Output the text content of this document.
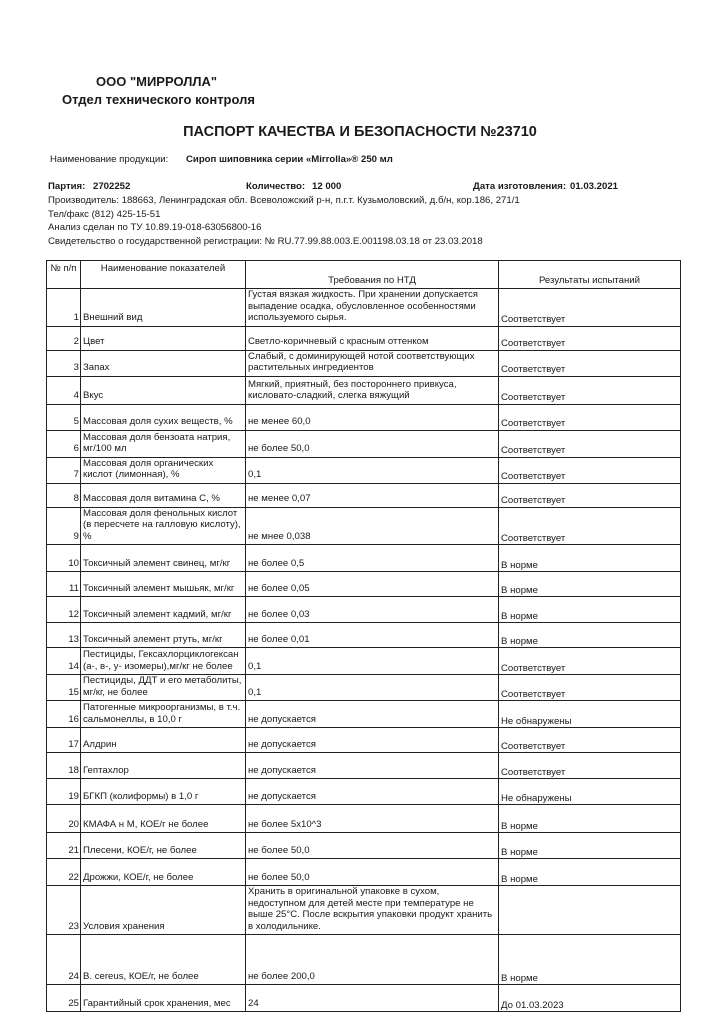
ООО "МИРРОЛЛА"
Отдел технического контроля
ПАСПОРТ КАЧЕСТВА И БЕЗОПАСНОСТИ №23710
Наименование продукции: Сироп шиповника серии «Mirrolla»® 250 мл
Партия: 2702252	Количество: 12 000	Дата изготовления: 01.03.2021
Производитель: 188663, Ленинградская обл. Всеволожский р-н, п.г.т. Кузьмоловский, д.б/н, кор.186, 271/1
Тел/факс (812) 425-15-51
Анализ сделан по ТУ 10.89.19-018-63056800-16
Свидетельство о государственной регистрации: № RU.77.99.88.003.Е.001198.03.18 от 23.03.2018
№ п/п	Наименование показателей	Требования по НТД	Результаты испытаний
1	Внешний вид	Густая вязкая жидкость. При хранении допускается выпадение осадка, обусловленное особенностями используемого сырья.	Соответствует
2	Цвет	Светло-коричневый с красным оттенком	Соответствует
3	Запах	Слабый, с доминирующей нотой соответствующих растительных ингредиентов	Соответствует
4	Вкус	Мягкий, приятный, без постороннего привкуса, кисловато-сладкий, слегка вяжущий	Соответствует
5	Массовая доля сухих веществ, %	не менее 60,0	Соответствует
6	Массовая доля бензоата натрия, мг/100 мл	не более 50,0	Соответствует
7	Массовая доля органических кислот (лимонная), %	0,1	Соответствует
8	Массовая доля витамина С, %	не менее 0,07	Соответствует
9	Массовая доля фенольных кислот (в пересчете на галловую кислоту), %	не мнее 0,038	Соответствует
10	Токсичный элемент свинец, мг/кг	не более 0,5	В норме
11	Токсичный элемент мышьяк, мг/кг	не более 0,05	В норме
12	Токсичный элемент кадмий, мг/кг	не более 0,03	В норме
13	Токсичный элемент ртуть, мг/кг	не более 0,01	В норме
14	Пестициды, Гексахлорциклогексан (а-, в-, у- изомеры),мг/кг не более	0,1	Соответствует
15	Пестициды, ДДТ и его метаболиты, мг/кг, не более	0,1	Соответствует
16	Патогенные микроорганизмы, в т.ч. сальмонеллы, в 10,0 г	не допускается	Не обнаружены
17	Алдрин	не допускается	Соответствует
18	Гептахлор	не допускается	Соответствует
19	БГКП (колиформы) в 1,0 г	не допускается	Не обнаружены
20	КМАФА н М, КОЕ/г не более	не более 5х10^3	В норме
21	Плесени, КОЕ/г, не более	не более 50,0	В норме
22	Дрожжи, КОЕ/г, не более	не более 50,0	В норме
23	Условия хранения	Хранить в оригинальной упаковке в сухом, недоступном для детей месте при температуре не выше 25°С. После вскрытия упаковки продукт хранить в холодильнике.	
24	B. cereus, КОЕ/г, не более	не более 200,0	В норме
25	Гарантийный срок хранения, мес	24	До 01.03.2023
